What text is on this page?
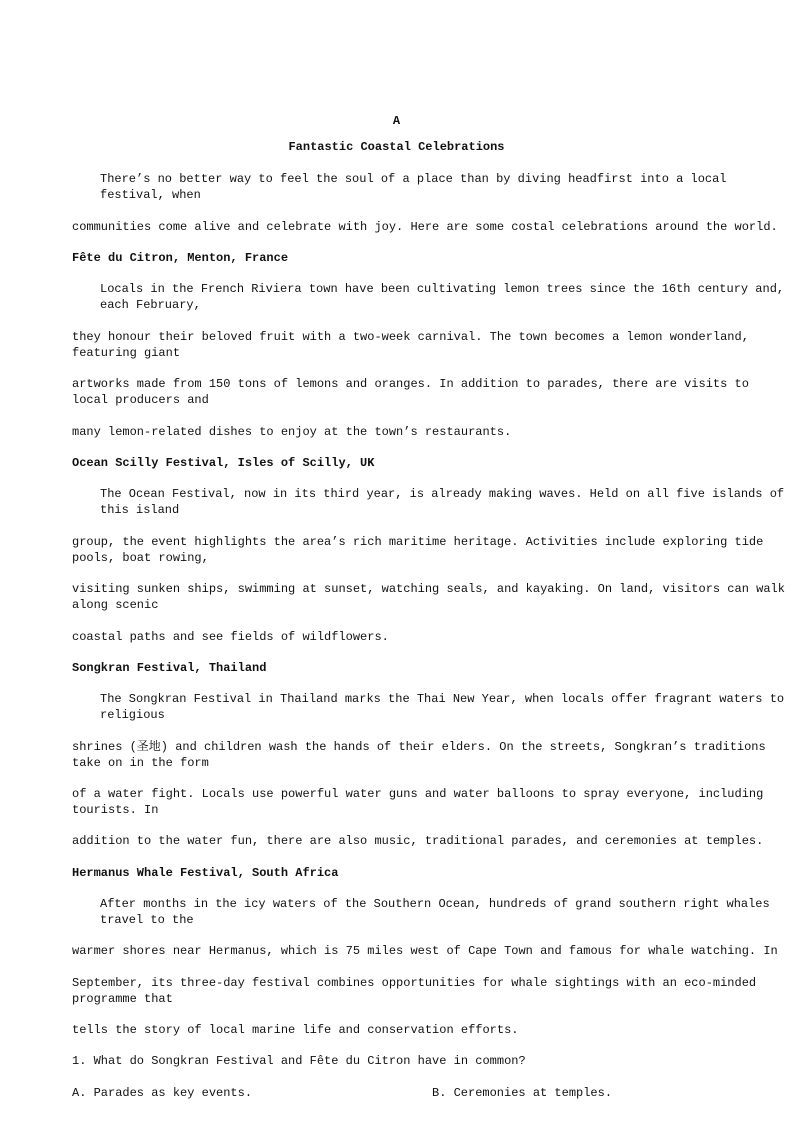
A
Fantastic Coastal Celebrations
There’s no better way to feel the soul of a place than by diving headfirst into a local festival, when
communities come alive and celebrate with joy. Here are some costal celebrations around the world.
Fête du Citron, Menton, France
Locals in the French Riviera town have been cultivating lemon trees since the 16th century and, each February,
they honour their beloved fruit with a two-week carnival. The town becomes a lemon wonderland, featuring giant
artworks made from 150 tons of lemons and oranges. In addition to parades, there are visits to local producers and
many lemon-related dishes to enjoy at the town’s restaurants.
Ocean Scilly Festival, Isles of Scilly, UK
The Ocean Festival, now in its third year, is already making waves. Held on all five islands of this island
group, the event highlights the area’s rich maritime heritage. Activities include exploring tide pools, boat rowing,
visiting sunken ships, swimming at sunset, watching seals, and kayaking. On land, visitors can walk along scenic
coastal paths and see fields of wildflowers.
Songkran Festival, Thailand
The Songkran Festival in Thailand marks the Thai New Year, when locals offer fragrant waters to religious
shrines (圣地) and children wash the hands of their elders. On the streets, Songkran’s traditions take on in the form
of a water fight. Locals use powerful water guns and water balloons to spray everyone, including tourists. In
addition to the water fun, there are also music, traditional parades, and ceremonies at temples.
Hermanus Whale Festival, South Africa
After months in the icy waters of the Southern Ocean, hundreds of grand southern right whales travel to the
warmer shores near Hermanus, which is 75 miles west of Cape Town and famous for whale watching. In
September, its three-day festival combines opportunities for whale sightings with an eco-minded programme that
tells the story of local marine life and conservation efforts.
1. What do Songkran Festival and Fête du Citron have in common?
A. Parades as key events.	B. Ceremonies at temples.
